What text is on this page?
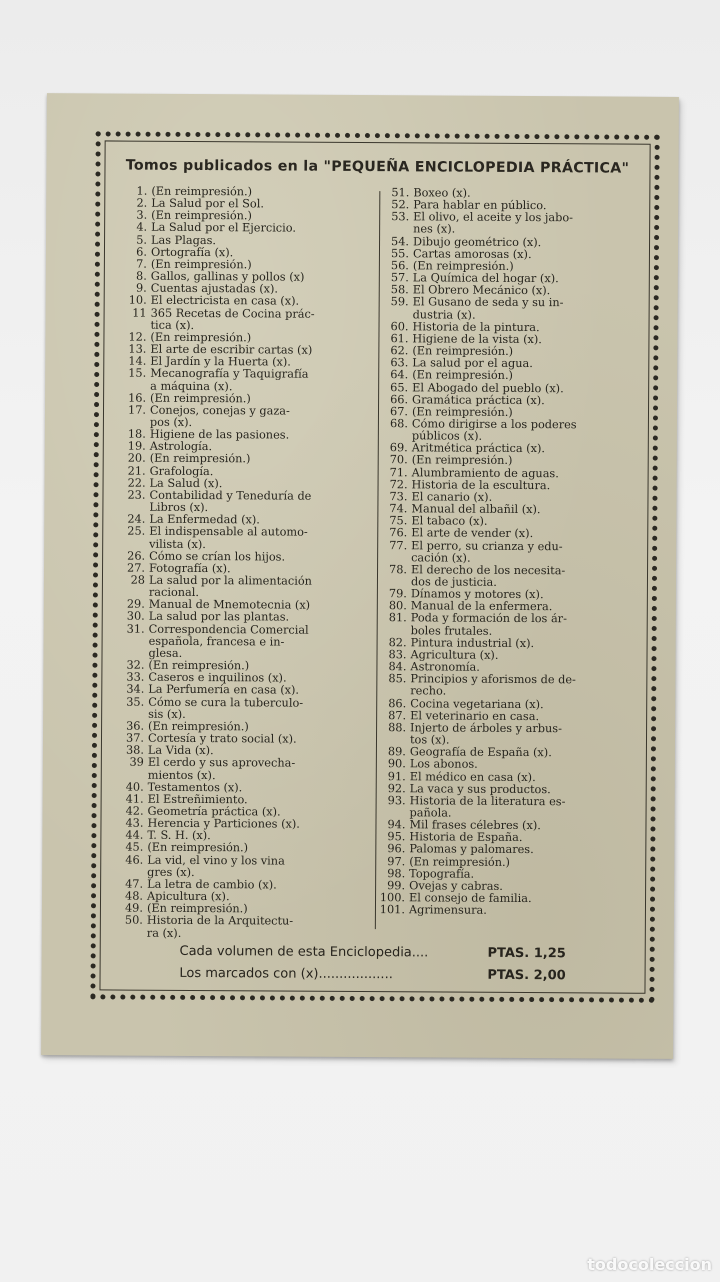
Tomos publicados en la "PEQUEÑA ENCICLOPEDIA PRÁCTICA"
1. (En reimpresión.)
2. La Salud por el Sol.
3. (En reimpresión.)
4. La Salud por el Ejercicio.
5. Las Plagas.
6. Ortografía (x).
7. (En reimpresión.)
8. Gallos, gallinas y pollos (x)
9. Cuentas ajustadas (x).
10. El electricista en casa (x).
11 365 Recetas de Cocina prác-
tica (x).
12. (En reimpresión.)
13. El arte de escribir cartas (x)
14. El Jardín y la Huerta (x).
15. Mecanografía y Taquigrafía
a máquina (x).
16. (En reimpresión.)
17. Conejos, conejas y gaza-
pos (x).
18. Higiene de las pasiones.
19. Astrología.
20. (En reimpresión.)
21. Grafología.
22. La Salud (x).
23. Contabilidad y Teneduría de
Libros (x).
24. La Enfermedad (x).
25. El indispensable al automo-
vilista (x).
26. Cómo se crían los hijos.
27. Fotografía (x).
28 La salud por la alimentación
racional.
29. Manual de Mnemotecnia (x)
30. La salud por las plantas.
31. Correspondencia Comercial
española, francesa e in-
glesa.
32. (En reimpresión.)
33. Caseros e inquilinos (x).
34. La Perfumería en casa (x).
35. Cómo se cura la tuberculo-
sis (x).
36. (En reimpresión.)
37. Cortesía y trato social (x).
38. La Vida (x).
39 El cerdo y sus aprovecha-
mientos (x).
40. Testamentos (x).
41. El Estreñimiento.
42. Geometría práctica (x).
43. Herencia y Particiones (x).
44. T. S. H. (x).
45. (En reimpresión.)
46. La vid, el vino y los vina
gres (x).
47. La letra de cambio (x).
48. Apicultura (x).
49. (En reimpresión.)
50. Historia de la Arquitectu-
ra (x).
51. Boxeo (x).
52. Para hablar en público.
53. El olivo, el aceite y los jabo-
nes (x).
54. Dibujo geométrico (x).
55. Cartas amorosas (x).
56. (En reimpresión.)
57. La Química del hogar (x).
58. El Obrero Mecánico (x).
59. El Gusano de seda y su in-
dustria (x).
60. Historia de la pintura.
61. Higiene de la vista (x).
62. (En reimpresión.)
63. La salud por el agua.
64. (En reimpresión.)
65. El Abogado del pueblo (x).
66. Gramática práctica (x).
67. (En reimpresión.)
68. Cómo dirigirse a los poderes
públicos (x).
69. Aritmética práctica (x).
70. (En reimpresión.)
71. Alumbramiento de aguas.
72. Historia de la escultura.
73. El canario (x).
74. Manual del albañil (x).
75. El tabaco (x).
76. El arte de vender (x).
77. El perro, su crianza y edu-
cación (x).
78. El derecho de los necesita-
dos de justicia.
79. Dínamos y motores (x).
80. Manual de la enfermera.
81. Poda y formación de los ár-
boles frutales.
82. Pintura industrial (x).
83. Agricultura (x).
84. Astronomía.
85. Principios y aforismos de de-
recho.
86. Cocina vegetariana (x).
87. El veterinario en casa.
88. Injerto de árboles y arbus-
tos (x).
89. Geografía de España (x).
90. Los abonos.
91. El médico en casa (x).
92. La vaca y sus productos.
93. Historia de la literatura es-
pañola.
94. Mil frases célebres (x).
95. Historia de España.
96. Palomas y palomares.
97. (En reimpresión.)
98. Topografía.
99. Ovejas y cabras.
100. El consejo de familia.
101. Agrimensura.
Cada volumen de esta Enciclopedia....	PTAS. 1,25
Los marcados con (x)..................	PTAS. 2,00
todocoleccion
